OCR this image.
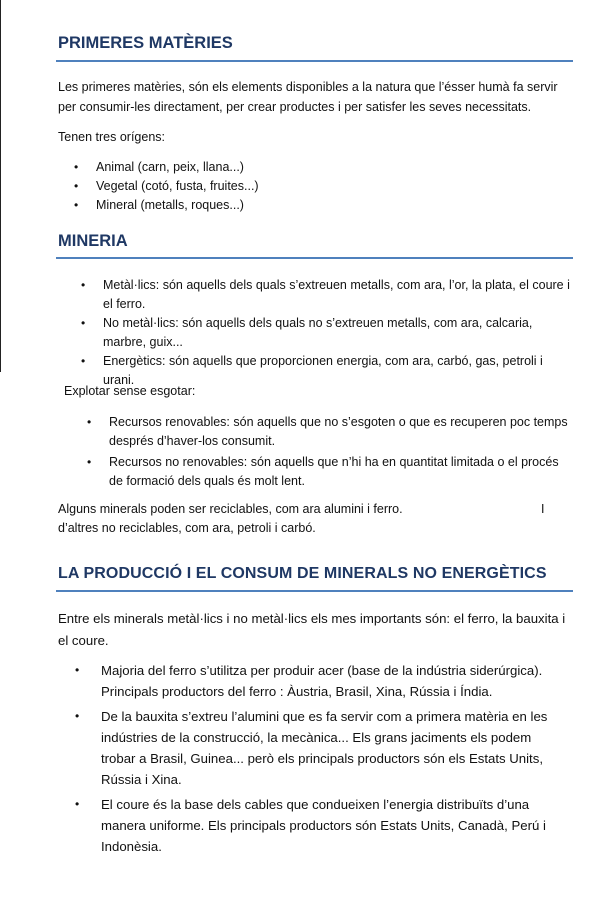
PRIMERES MATÈRIES

Les primeres matèries, són els elements disponibles a la natura que l’ésser humà fa servir per consumir-les directament, per crear productes i per satisfer les seves necessitats.

Tenen tres orígens:

• Animal (carn, peix, llana...)
• Vegetal (cotó, fusta, fruites...)
• Mineral (metalls, roques...)
MINERIA
• Metàl·lics: són aquells dels quals s’extreuen metalls, com ara, l’or, la plata, el coure i el ferro.
• No metàl·lics: són aquells dels quals no s’extreuen metalls, com ara, calcaria, marbre, guix...
• Energètics: són aquells que proporcionen energia, com ara, carbó, gas, petroli i urani.

Explotar sense esgotar:

• Recursos renovables: són aquells que no s’esgoten o que es recuperen poc temps després d’haver-los consumit.
• Recursos no renovables: són aquells que n’hi ha en quantitat limitada o el procés de formació dels quals és molt lent.

Alguns minerals poden ser reciclables, com ara alumini i ferro.	I

d’altres no reciclables, com ara, petroli i carbó.

LA PRODUCCIÓ I EL CONSUM DE MINERALS NO ENERGÈTICS

Entre els minerals metàl·lics i no metàl·lics els mes importants són: el ferro, la bauxita i el coure.

• Majoria del ferro s’utilitza per produir acer (base de la indústria siderúrgica). Principals productors del ferro : Àustria, Brasil, Xina, Rússia i Índia.
• De la bauxita s’extreu l’alumini que es fa servir com a primera matèria en les indústries de la construcció, la mecànica... Els grans jaciments els podem trobar a Brasil, Guinea... però els principals productors són els Estats Units, Rússia i Xina.
• El coure és la base dels cables que condueixen l’energia distribuïts d’una manera uniforme. Els principals productors són Estats Units, Canadà, Perú i Indonèsia.
